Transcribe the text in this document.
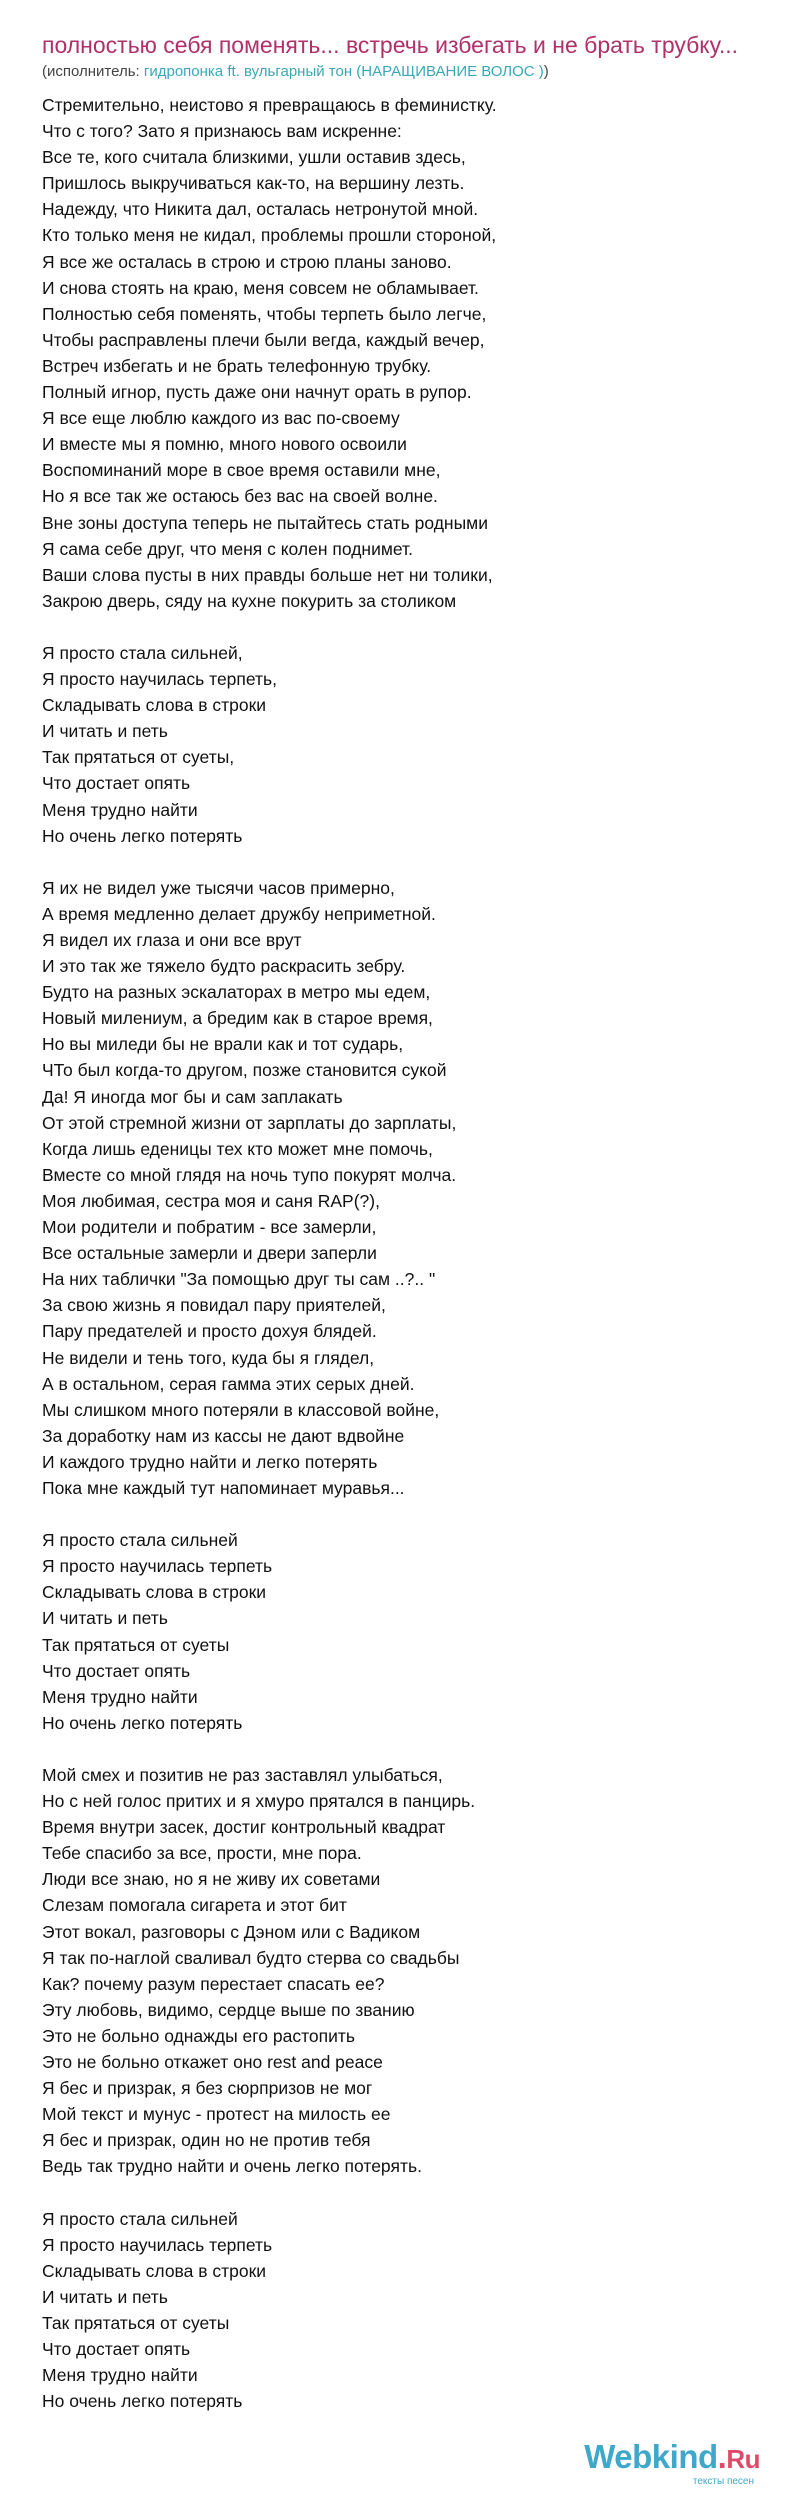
полностью себя поменять... встречь избегать и не брать трубку...
(исполнитель: гидропонка ft. вульгарный тон (НАРАЩИВАНИЕ ВОЛОС ))
Стремительно, неистово я превращаюсь в феминистку.
Что с того? Зато я признаюсь вам искренне:
Все те, кого считала близкими, ушли оставив здесь,
Пришлось выкручиваться как-то, на вершину лезть.
Надежду, что Никита дал, осталась нетронутой мной.
Кто только меня не кидал, проблемы прошли стороной,
Я все же осталась в строю и строю планы заново.
И снова стоять на краю, меня совсем не обламывает.
Полностью себя поменять, чтобы терпеть было легче,
Чтобы расправлены плечи были вегда, каждый вечер,
Встреч избегать и не брать телефонную трубку.
Полный игнор, пусть даже они начнут орать в рупор.
Я все еще люблю каждого из вас по-своему
И вместе мы я помню, много нового освоили
Воспоминаний море в свое время оставили мне,
Но я все так же остаюсь без вас на своей волне.
Вне зоны доступа теперь не пытайтесь стать родными
Я сама себе друг, что меня с колен поднимет.
Ваши слова пусты в них правды больше нет ни толики,
Закрою дверь, сяду на кухне покурить за столиком
Я просто стала сильней,
Я просто научилась терпеть,
Складывать слова в строки
И читать и петь
Так прятаться от суеты,
Что достает опять
Меня трудно найти
Но очень легко потерять
Я их не видел уже тысячи часов примерно,
А время медленно делает дружбу неприметной.
Я видел их глаза и они все врут
И это так же тяжело будто раскрасить зебру.
Будто на разных эскалаторах в метро мы едем,
Новый милениум, а бредим как в старое время,
Но вы миледи бы не врали как и тот сударь,
ЧТо был когда-то другом, позже становится сукой
Да! Я иногда мог бы и сам заплакать
От этой стремной жизни от зарплаты до зарплаты,
Когда лишь еденицы тех кто может мне помочь,
Вместе со мной глядя на ночь тупо покурят молча.
Моя любимая, сестра моя и саня RAP(?),
Мои родители и побратим - все замерли,
Все остальные замерли и двери заперли
На них таблички "За помощью друг ты сам ..?.. "
За свою жизнь я повидал пару приятелей,
Пару предателей и просто дохуя блядей.
Не видели и тень того, куда бы я глядел,
А в остальном, серая гамма этих серых дней.
Мы слишком много потеряли в классовой войне,
За доработку нам из кассы не дают вдвойне
И каждого трудно найти и легко потерять
Пока мне каждый тут напоминает муравья...
Я просто стала сильней
Я просто научилась терпеть
Складывать слова в строки
И читать и петь
Так прятаться от суеты
Что достает опять
Меня трудно найти
Но очень легко потерять
Мой смех и позитив не раз заставлял улыбаться,
Но с ней голос притих и я хмуро прятался в панцирь.
Время внутри засек, достиг контрольный квадрат
Тебе спасибо за все, прости, мне пора.
Люди все знаю, но я не живу их советами
Слезам помогала сигарета и этот бит
Этот вокал, разговоры с Дэном или с Вадиком
Я так по-наглой сваливал будто стерва со свадьбы
Как? почему разум перестает спасать ее?
Эту любовь, видимо, сердце выше по званию
Это не больно однажды его растопить
Это не больно откажет оно rest and peace
Я бес и призрак, я без сюрпризов не мог
Мой текст и мунус - протест на милость ее
Я бес и призрак, один но не против тебя
Ведь так трудно найти и очень легко потерять.
Я просто стала сильней
Я просто научилась терпеть
Складывать слова в строки
И читать и петь
Так прятаться от суеты
Что достает опять
Меня трудно найти
Но очень легко потерять
Webkind.Ru
тексты песен
